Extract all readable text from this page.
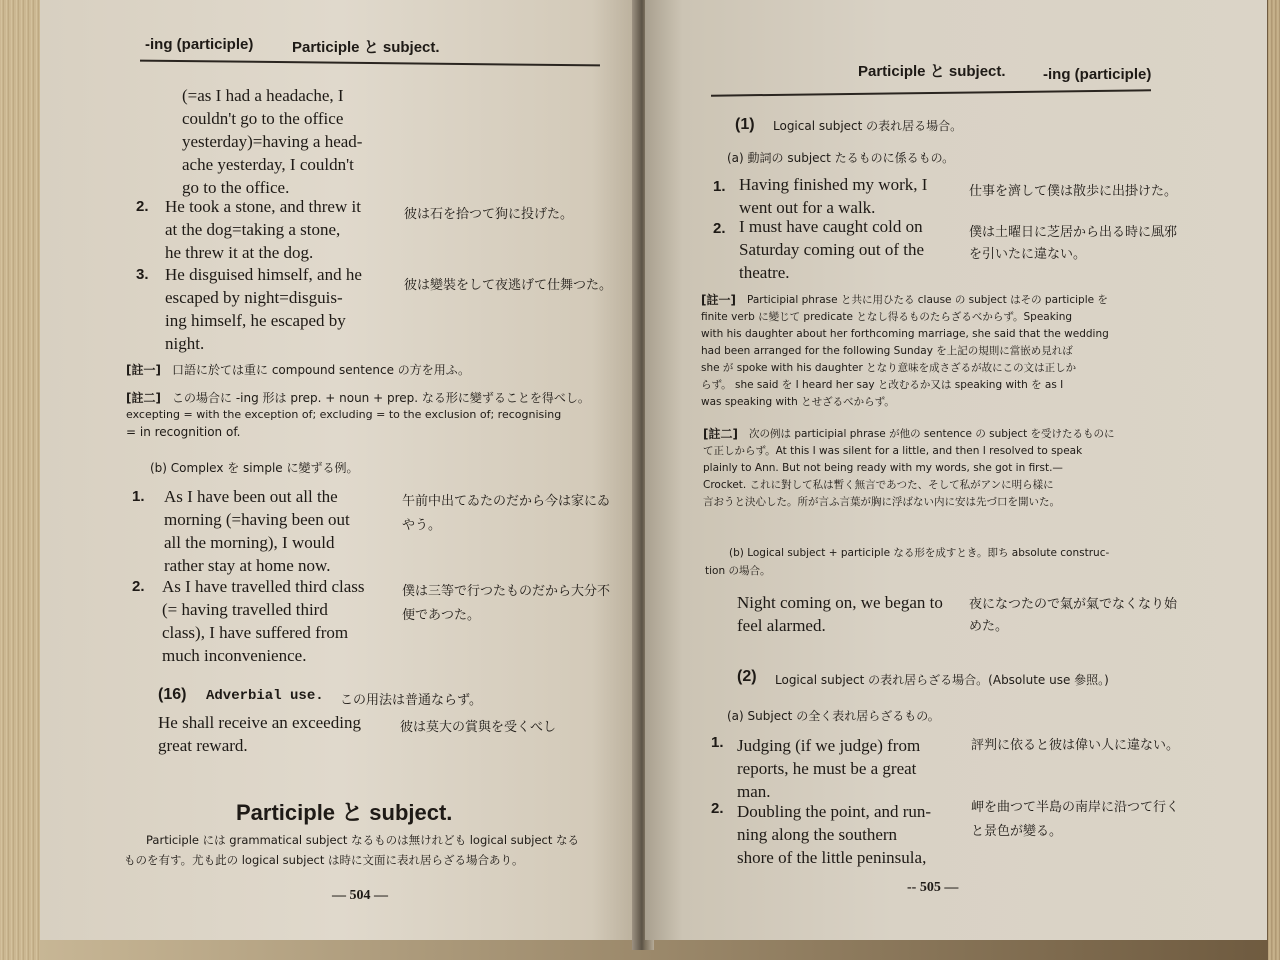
-ing (participle)	Participle と subject.
(=as I had a headache, I
couldn't go to the office
yesterday)=having a head-
ache yesterday, I couldn't
go to the office.
2. He took a stone, and threw it
at the dog=taking a stone,
he threw it at the dog.
彼は石を拾つて狗に投げた。
3. He disguised himself, and he
escaped by night=disguis-
ing himself, he escaped by
night.
彼は變裝をして夜逃げて仕舞つた。
[註一] 口語に於ては重に compound sentence の方を用ふ。
[註二] この場合に -ing 形は prep. + noun + prep. なる形に變ずることを得べし。
excepting = with the exception of; excluding = to the exclusion of; recognising
= in recognition of.
(b) Complex を simple に變ずる例。
1. As I have been out all the
morning (=having been out
all the morning), I would
rather stay at home now.
午前中出てゐたのだから今は家にゐ
やう。
2. As I have travelled third class
(= having travelled third
class), I have suffered from
much inconvenience.
僕は三等で行つたものだから大分不
便であつた。
(16) Adverbial use. この用法は普通ならず。
He shall receive an exceeding
great reward.
彼は莫大の賞與を受くべし
Participle と subject.
Participle には grammatical subject なるものは無けれども logical subject なる
ものを有す。尤も此の logical subject は時に文面に表れ居らざる場合あり。
— 504 —
Participle と subject. -ing (participle)
(1) Logical subject の表れ居る場合。
(a) 動詞の subject たるものに係るもの。
1. Having finished my work, I
went out for a walk.
仕事を濟して僕は散歩に出掛けた。
2. I must have caught cold on
Saturday coming out of the
theatre.
僕は土曜日に芝居から出る時に風邪
を引いたに違ない。
[註一] Participial phrase と共に用ひたる clause の subject はその participle を
finite verb に變じて predicate となし得るものたらざるべからず。Speaking
with his daughter about her forthcoming marriage, she said that the wedding
had been arranged for the following Sunday を上記の規則に當嵌め見れば
she が spoke with his daughter となり意味を成さざるが故にこの文は正しか
らず。 she said を I heard her say と改むるか又は speaking with を as I
was speaking with とせざるべからず。
[註二] 次の例は participial phrase が他の sentence の subject を受けたるものに
て正しからず。At this I was silent for a little, and then I resolved to speak
plainly to Ann. But not being ready with my words, she got in first.—
Crocket. これに對して私は暫く無言であつた、そして私がアンに明ら樣に
言おうと決心した。所が言ふ言葉が胸に浮ばない内に安は先づ口を開いた。
(b) Logical subject + participle なる形を成すとき。即ち absolute construc-
tion の場合。
Night coming on, we began to
feel alarmed.
夜になつたので氣が氣でなくなり始
めた。
(2) Logical subject の表れ居らざる場合。(Absolute use 參照。)
(a) Subject の全く表れ居らざるもの。
1. Judging (if we judge) from
reports, he must be a great
man.
評判に依ると彼は偉い人に違ない。
2. Doubling the point, and run-
ning along the southern
shore of the little peninsula,
岬を曲つて半島の南岸に沿つて行く
と景色が變る。
-- 505 —
